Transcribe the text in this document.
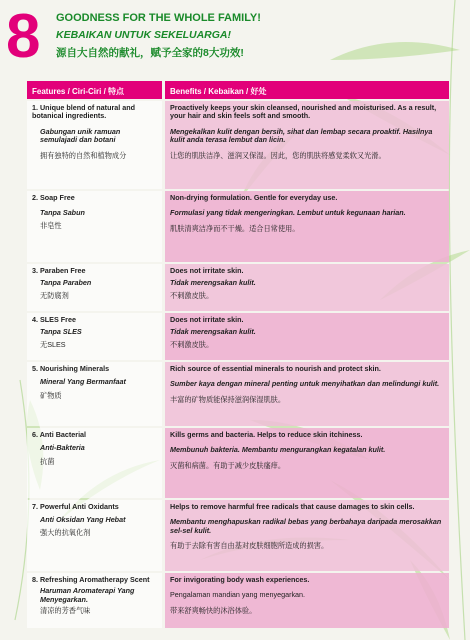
8 GOODNESS FOR THE WHOLE FAMILY!
KEBAIKAN UNTUK SEKELUARGA!
源自大自然的献礼，赋予全家的8大功效!
Features / Ciri-Ciri / 特点	Benefits / Kebaikan / 好处
1. Unique blend of natural and botanical ingredients.
Gabungan unik ramuan semulajadi dan botani
拥有独特的自然和植物成分
Proactively keeps your skin cleansed, nourished and moisturised. As a result, your hair and skin feels soft and smooth.
Mengekalkan kulit dengan bersih, sihat dan lembap secara proaktif. Hasilnya kulit anda terasa lembut dan licin.
让您的肌肤洁净、滋润又保湿。因此，您的肌肤将感觉柔软又光滑。
2. Soap Free
Tanpa Sabun
非皂性
Non-drying formulation. Gentle for everyday use.
Formulasi yang tidak mengeringkan. Lembut untuk kegunaan harian.
肌肤清爽洁净而不干燥。适合日常使用。
3. Paraben Free
Tanpa Paraben
无防腐剂
Does not irritate skin.
Tidak merengsakan kulit.
不刺激皮肤。
4. SLES Free
Tanpa SLES
无SLES
Does not irritate skin.
Tidak merengsakan kulit.
不刺激皮肤。
5. Nourishing Minerals
Mineral Yang Bermanfaat
矿物质
Rich source of essential minerals to nourish and protect skin.
Sumber kaya dengan mineral penting untuk menyihatkan dan melindungi kulit.
丰富的矿物质能保持滋润保湿肌肤。
6. Anti Bacterial
Anti-Bakteria
抗菌
Kills germs and bacteria. Helps to reduce skin itchiness.
Membunuh bakteria. Membantu mengurangkan kegatalan kulit.
灭菌和病菌。有助于减少皮肤瘙痒。
7. Powerful Anti Oxidants
Anti Oksidan Yang Hebat
强大的抗氧化剂
Helps to remove harmful free radicals that cause damages to skin cells.
Membantu menghapuskan radikal bebas yang berbahaya daripada merosakkan sel-sel kulit.
有助于去除有害自由基对皮肤细胞所造成的损害。
8. Refreshing Aromatherapy Scent
Haruman Aromaterapi Yang Menyegarkan.
清凉的芳香气味
For invigorating body wash experiences.
Pengalaman mandian yang menyegarkan.
带来舒爽畅快的沐浴体验。
